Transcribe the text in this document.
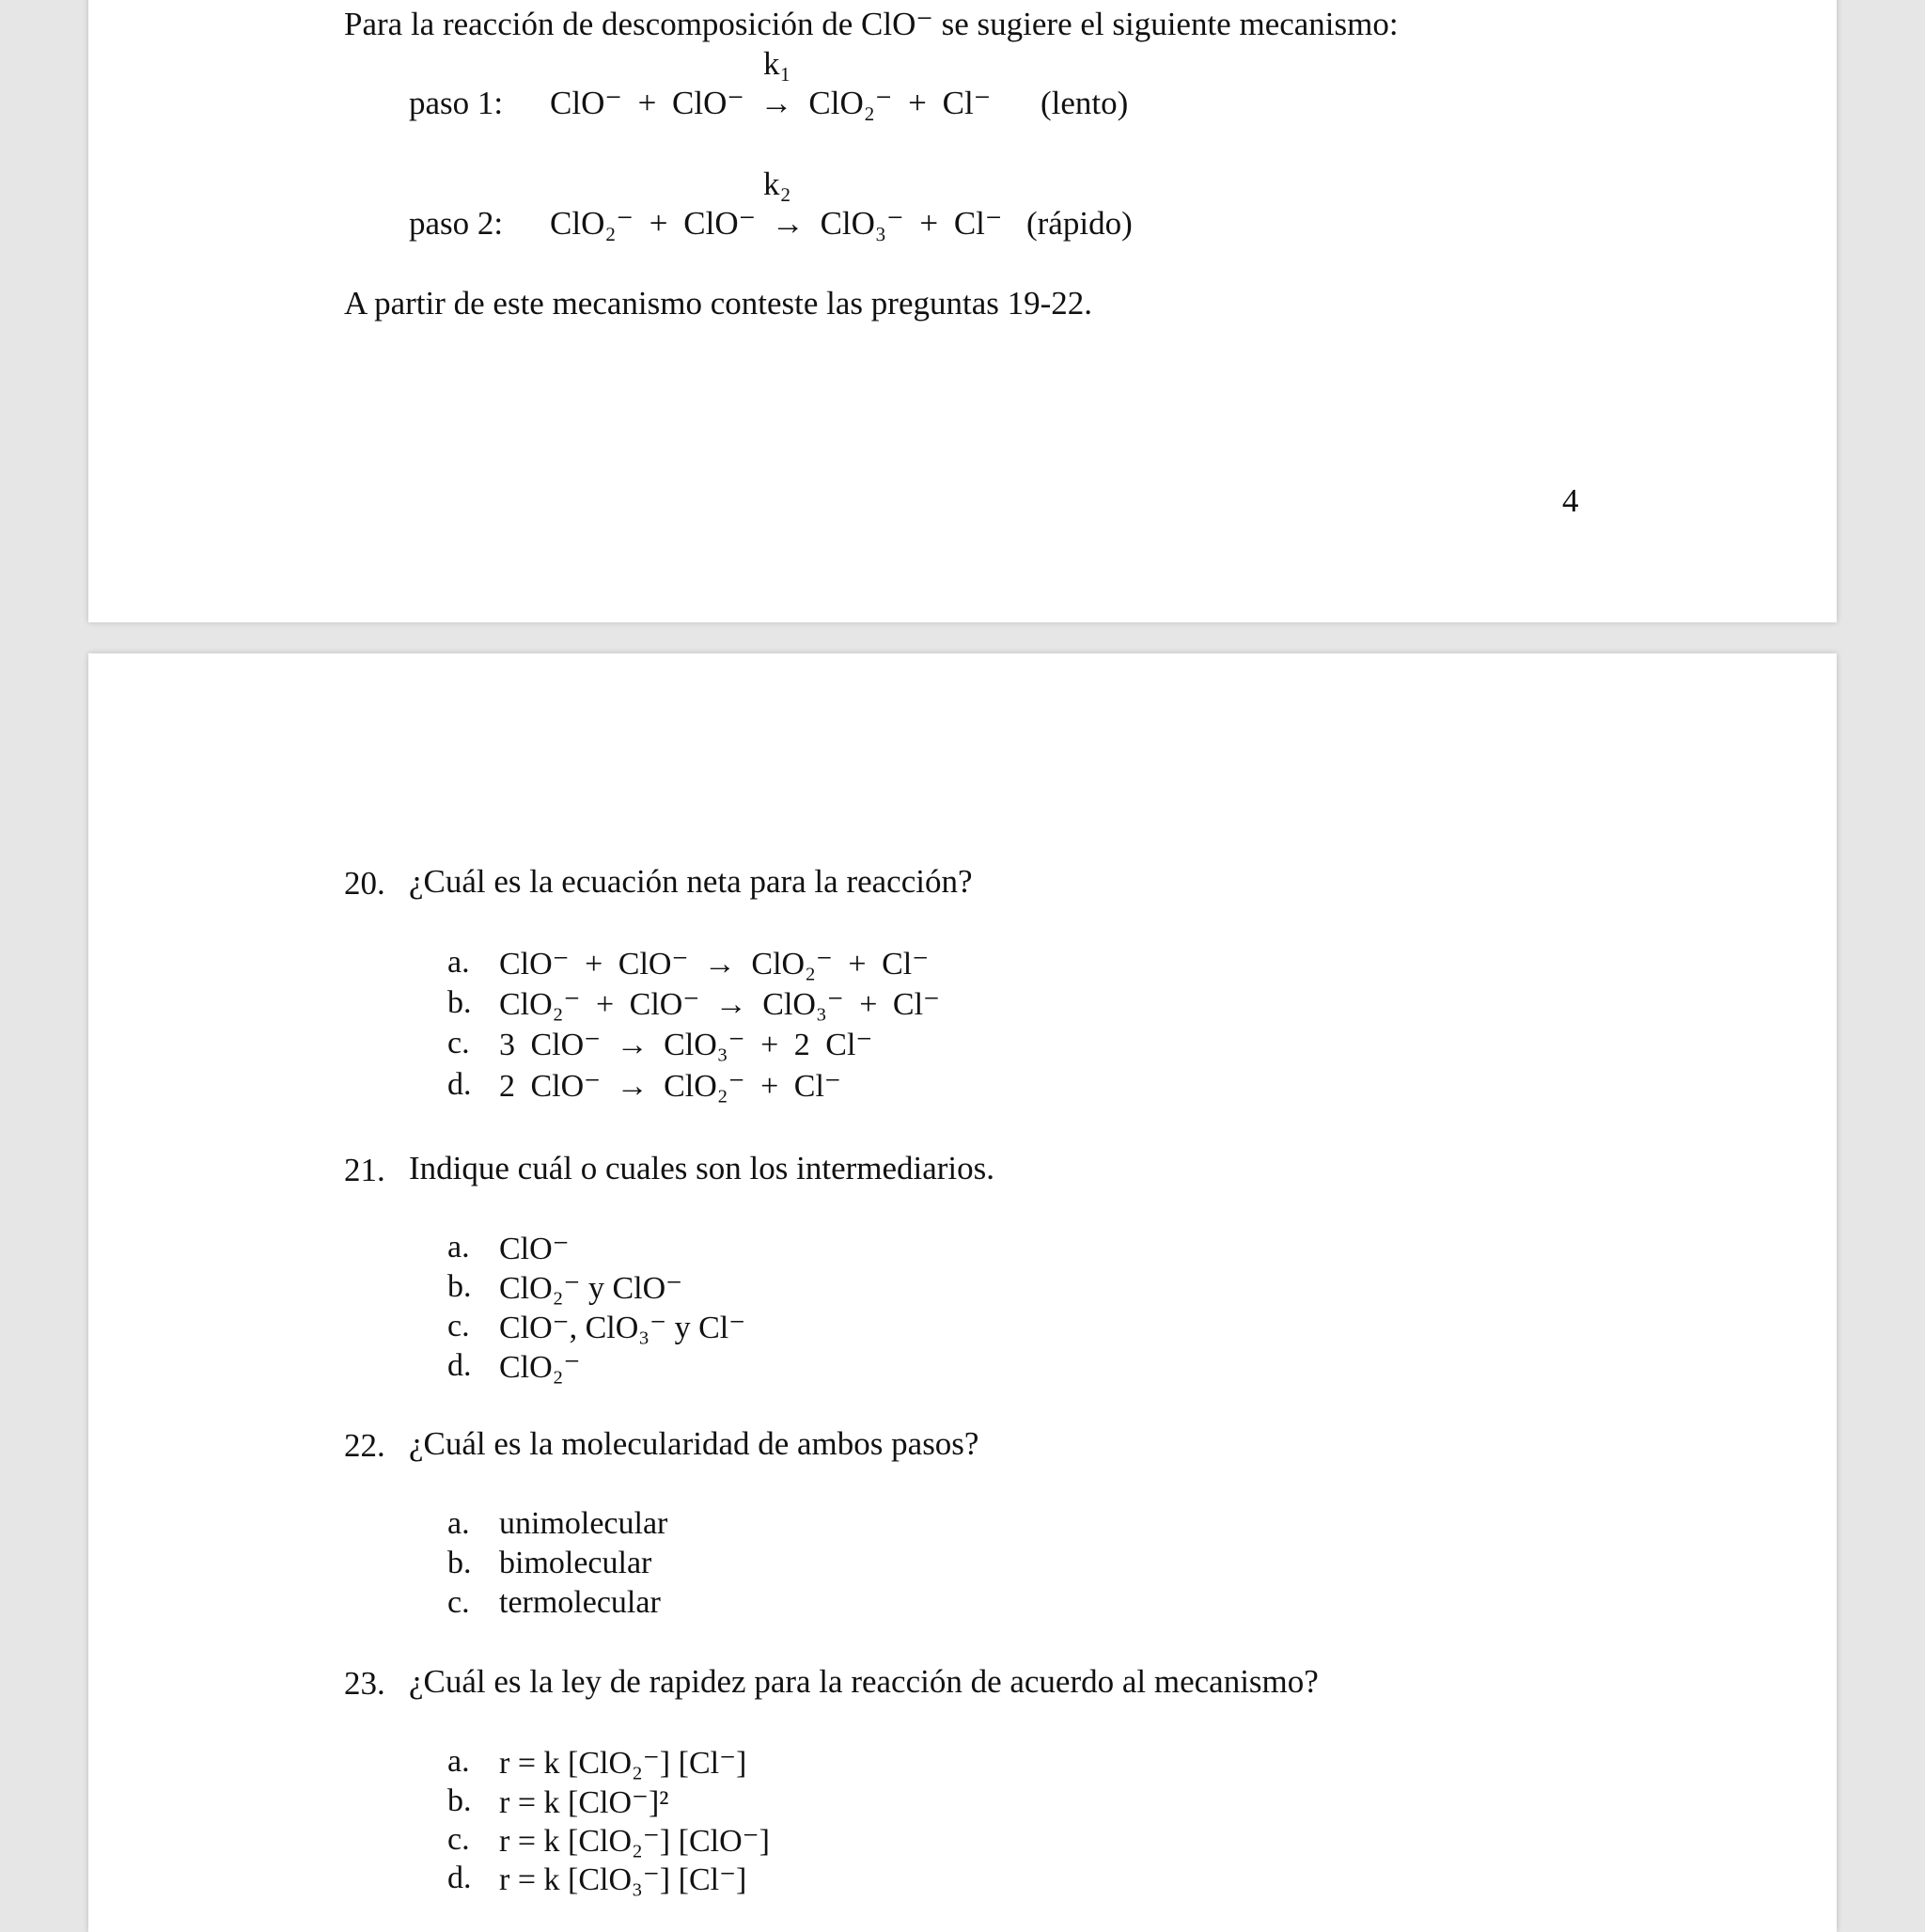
Para la reacción de descomposición de ClO⁻ se sugiere el siguiente mecanismo:
k₁
paso 1: ClO⁻ + ClO⁻ → ClO₂⁻ + Cl⁻ (lento)
k₂
paso 2: ClO₂⁻ + ClO⁻ → ClO₃⁻ + Cl⁻ (rápido)
A partir de este mecanismo conteste las preguntas 19-22.
4
20. ¿Cuál es la ecuación neta para la reacción?
a. ClO⁻ + ClO⁻ → ClO₂⁻ + Cl⁻
b. ClO₂⁻ + ClO⁻ → ClO₃⁻ + Cl⁻
c. 3 ClO⁻ → ClO₃⁻ + 2 Cl⁻
d. 2 ClO⁻ → ClO₂⁻ + Cl⁻
21. Indique cuál o cuales son los intermediarios.
a. ClO⁻
b. ClO₂⁻ y ClO⁻
c. ClO⁻, ClO₃⁻ y Cl⁻
d. ClO₂⁻
22. ¿Cuál es la molecularidad de ambos pasos?
a. unimolecular
b. bimolecular
c. termolecular
23. ¿Cuál es la ley de rapidez para la reacción de acuerdo al mecanismo?
a. r = k [ClO₂⁻] [Cl⁻]
b. r = k [ClO⁻]²
c. r = k [ClO₂⁻] [ClO⁻]
d. r = k [ClO₃⁻] [Cl⁻]
